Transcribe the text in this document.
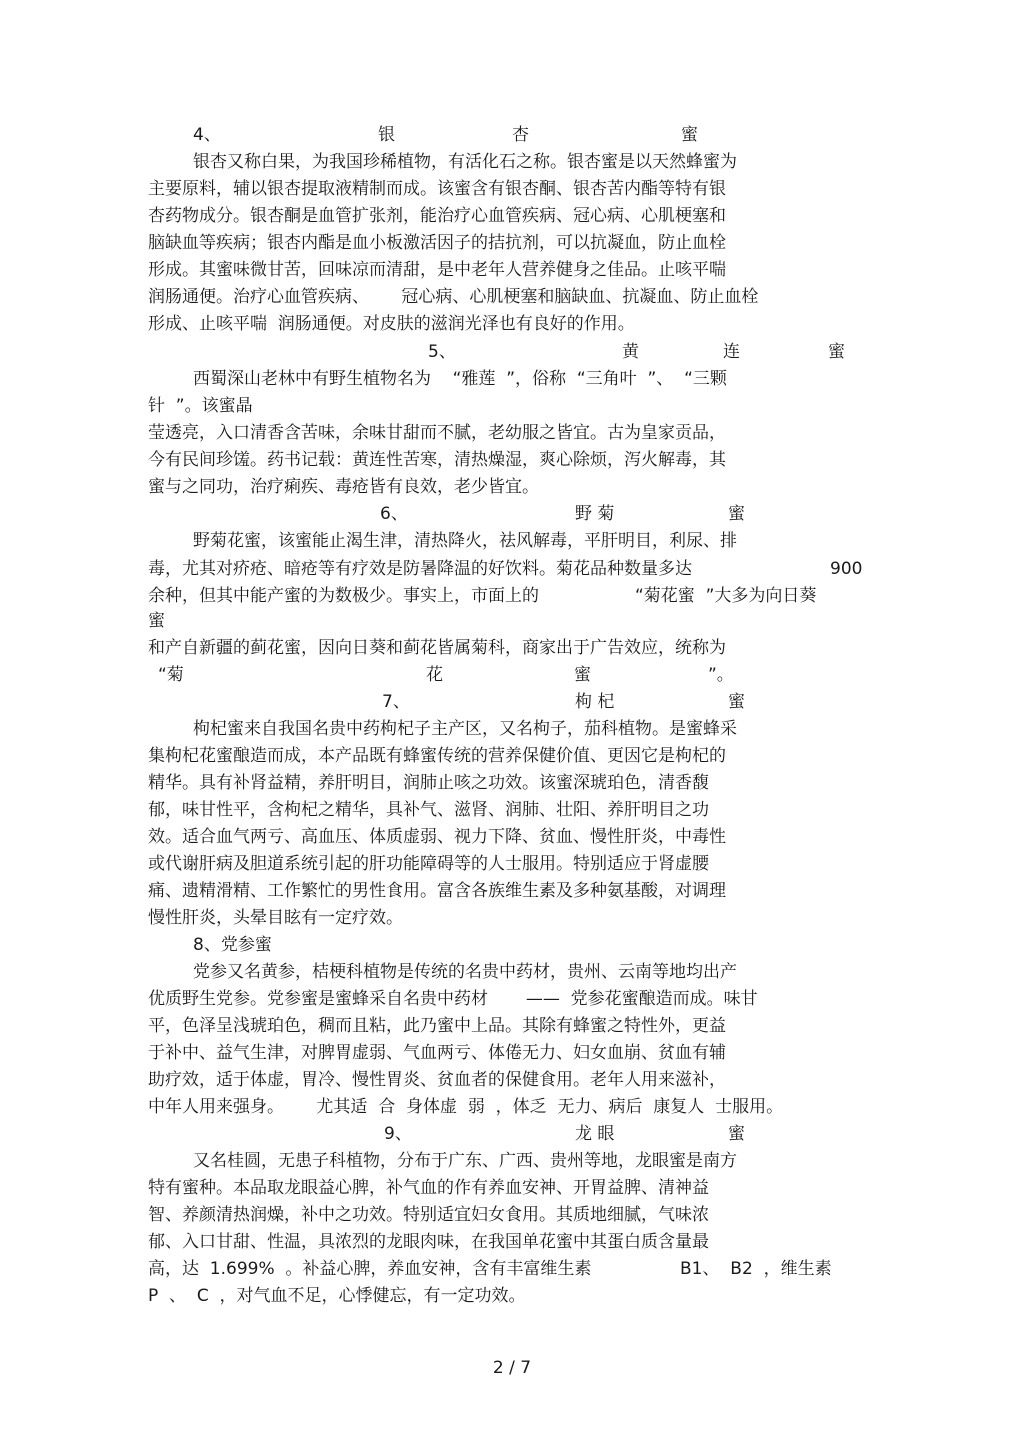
4、	银	杏	蜜

银杏又称白果，为我国珍稀植物，有活化石之称。银杏蜜是以天然蜂蜜为

主要原料，辅以银杏提取液精制而成。该蜜含有银杏酮、银杏苦内酯等特有银

杏药物成分。银杏酮是血管扩张剂，能治疗心血管疾病、冠心病、心肌梗塞和

脑缺血等疾病；银杏内酯是血小板激活因子的拮抗剂，可以抗凝血，防止血栓

形成。其蜜味微甘苦，回味凉而清甜，是中老年人营养健身之佳品。止咳平喘

润肠通便。治疗心血管疾病、      冠心病、心肌梗塞和脑缺血、抗凝血、防止血栓

形成、止咳平喘  润肠通便。对皮肤的滋润光泽也有良好的作用。

5、	黄	连	蜜

西蜀深山老林中有野生植物名为    “雅莲  ”，俗称  “三角叶  ”、  “三颗

针  ”。该蜜晶

莹透亮，入口清香含苦味，余味甘甜而不腻，老幼服之皆宜。古为皇家贡品，

今有民间珍馐。药书记载：黄连性苦寒，清热燥湿，爽心除烦，泻火解毒，其

蜜与之同功，治疗痢疾、毒疮皆有良效，老少皆宜。

6、	野 菊	蜜

野菊花蜜，该蜜能止渴生津，清热降火，祛风解毒，平肝明目，利尿、排

毒，尤其对疥疮、暗疮等有疗效是防暑降温的好饮料。菊花品种数量多达	900

余种，但其中能产蜜的为数极少。事实上，市面上的	“菊花蜜  ”大多为向日葵

蜜

和产自新疆的蓟花蜜，因向日葵和蓟花皆属菊科，商家出于广告效应，统称为

“菊	花	蜜	”。

7、	枸 杞	蜜

枸杞蜜来自我国名贵中药枸杞子主产区，又名枸子，茄科植物。是蜜蜂采

集枸杞花蜜酿造而成，本产品既有蜂蜜传统的营养保健价值、更因它是枸杞的

精华。具有补肾益精，养肝明目，润肺止咳之功效。该蜜深琥珀色，清香馥

郁，味甘性平，含枸杞之精华，具补气、滋肾、润肺、壮阳、养肝明目之功

效。适合血气两亏、高血压、体质虚弱、视力下降、贫血、慢性肝炎，中毒性

或代谢肝病及胆道系统引起的肝功能障碍等的人士服用。特别适应于肾虚腰

痛、遗精滑精、工作繁忙的男性食用。富含各族维生素及多种氨基酸，对调理

慢性肝炎，头晕目眩有一定疗效。

8、党参蜜

党参又名黄参，桔梗科植物是传统的名贵中药材，贵州、云南等地均出产

优质野生党参。党参蜜是蜜蜂采自名贵中药材       ——  党参花蜜酿造而成。味甘

平，色泽呈浅琥珀色，稠而且粘，此乃蜜中上品。其除有蜂蜜之特性外，更益

于补中、益气生津，对脾胃虚弱、气血两亏、体倦无力、妇女血崩、贫血有辅

助疗效，适于体虚，胃冷、慢性胃炎、贫血者的保健食用。老年人用来滋补，

中年人用来强身。      尤其适  合  身体虚  弱  ，体乏  无力、病后  康复人  士服用。

9、	龙 眼	蜜

又名桂圆，无患子科植物，分布于广东、广西、贵州等地，龙眼蜜是南方

特有蜜种。本品取龙眼益心脾，补气血的作有养血安神、开胃益脾、清神益

智、养颜清热润燥，补中之功效。特别适宜妇女食用。其质地细腻，气味浓

郁、入口甘甜、性温，具浓烈的龙眼肉味，在我国单花蜜中其蛋白质含量最

高，达  1.699%  。补益心脾，养血安神，含有丰富维生素	B1、  B2  ，维生素

P  、  C  ，对气血不足，心悸健忘，有一定功效。

2 / 7
